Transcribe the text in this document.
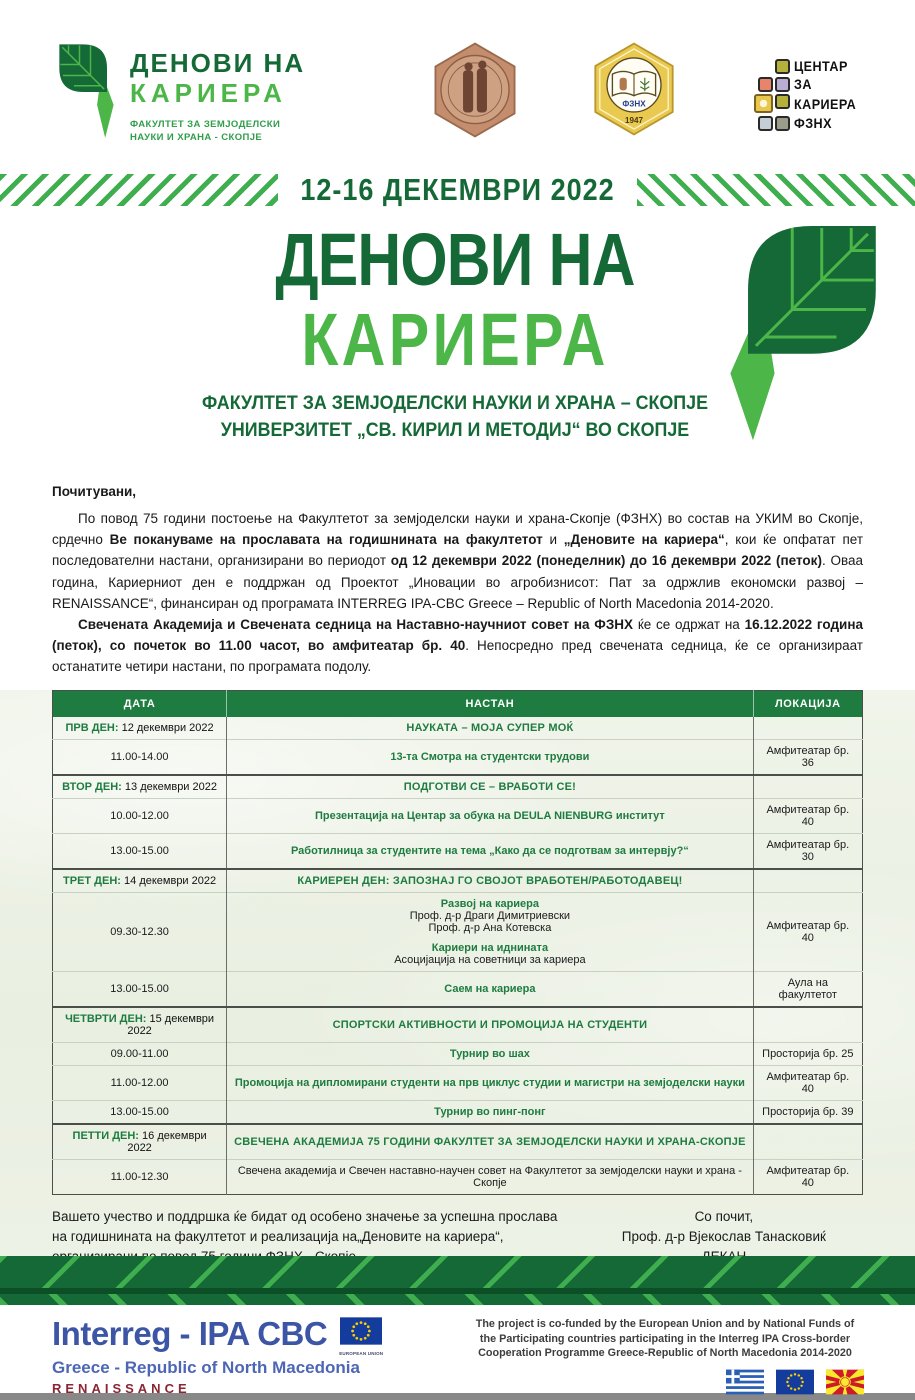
ДЕНОВИ НА
КАРИЕРА
ФАКУЛТЕТ ЗА ЗЕМЈОДЕЛСКИ
НАУКИ И ХРАНА - СКОПЈЕ
ФЗНХ
1947
ЦЕНТАР
ЗА
КАРИЕРА
ФЗНХ
12-16 ДЕКЕМВРИ 2022
ДЕНОВИ НА
КАРИЕРА
ФАКУЛТЕТ ЗА ЗЕМЈОДЕЛСКИ НАУКИ И ХРАНА – СКОПЈЕ
УНИВЕРЗИТЕТ „СВ. КИРИЛ И МЕТОДИЈ“ ВО СКОПЈЕ
Почитувани,

По повод 75 години постоење на Факултетот за земјоделски науки и храна-Скопје (ФЗНХ) во состав на УКИМ во Скопје, срдечно Ве покануваме на прославата на годишнината на факултетот и „Деновите на кариера“, кои ќе опфатат пет последователни настани, организирани во периодот од 12 декември 2022 (понеделник) до 16 декември 2022 (петок). Оваа година, Кариерниот ден е поддржан од Проектот „Иновации во агробизнисот: Пат за одржлив економски развој – RENAISSANCE“, финансиран од програмата INTERREG IPA-CBC Greece – Republic of North Macedonia 2014-2020.

Свечената Академија и Свечената седница на Наставно-научниот совет на ФЗНХ ќе се одржат на 16.12.2022 година (петок), со почеток во 11.00 часот, во амфитеатар бр. 40. Непосредно пред свечената седница, ќе се организираат останатите четири настани, по програмата подолу.

ДАТА	НАСТАН	ЛОКАЦИЈА
ПРВ ДЕН: 12 декември 2022	НАУКАТА – МОЈА СУПЕР МОЌ	
11.00-14.00	13-та Смотра на студентски трудови	Амфитеатар бр. 36
ВТОР ДЕН: 13 декември 2022	ПОДГОТВИ СЕ – ВРАБОТИ СЕ!	
10.00-12.00	Презентација на Центар за обука на DEULA NIENBURG институт	Амфитеатар бр. 40
13.00-15.00	Работилница за студентите на тема „Како да се подготвам за интервју?“	Амфитеатар бр. 30
ТРЕТ ДЕН: 14 декември 2022	КАРИЕРЕН ДЕН: ЗАПОЗНАЈ ГО СВОЈОТ ВРАБОТЕН/РАБОТОДАВЕЦ!	
09.30-12.30	Развој на кариера
Проф. д-р Драги Димитриевски
Проф. д-р Ана Котевска
Кариери на иднината
Асоцијација на советници за кариера	Амфитеатар бр. 40
13.00-15.00	Саем на кариера	Аула на факултетот
ЧЕТВРТИ ДЕН: 15 декември 2022	СПОРТСКИ АКТИВНОСТИ И ПРОМОЦИЈА НА СТУДЕНТИ	
09.00-11.00	Турнир во шах	Просторија бр. 25
11.00-12.00	Промоција на дипломирани студенти на прв циклус студии и магистри на земјоделски науки	Амфитеатар бр. 40
13.00-15.00	Турнир во пинг-понг	Просторија бр. 39
ПЕТТИ ДЕН: 16 декември 2022	СВЕЧЕНА АКАДЕМИЈА 75 ГОДИНИ ФАКУЛТЕТ ЗА ЗЕМЈОДЕЛСКИ НАУКИ И ХРАНА-СКОПЈЕ	
11.00-12.30	Свечена академија и Свечен наставно-научен совет на Факултетот за земјоделски науки и храна - Скопје	Амфитеатар бр. 40
Вашето учество и поддршка ќе бидат од особено значење за успешна прослава
на годишнината на факултетот и реализација на„Деновите на кариера“,
Со почит,
Проф. д-р Вјекослав Танасковиќ
Interreg - IPA CBC
EUROPEAN UNION
Greece - Republic of North Macedonia
RENAISSANCE
The project is co-funded by the European Union and by National Funds of
the Participating countries participating in the Interreg IPA Cross-border
Cooperation Programme Greece-Republic of North Macedonia 2014-2020
